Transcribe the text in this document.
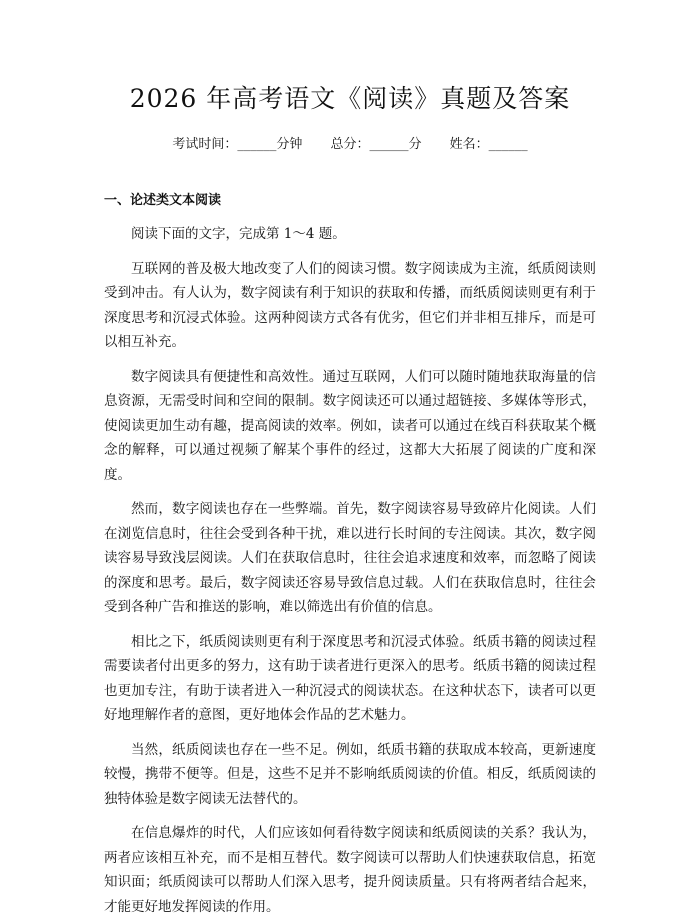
2026 年高考语文《阅读》真题及答案
考试时间：______分钟 总分：______分 姓名：______
一、论述类文本阅读

阅读下面的文字，完成第 1～4 题。

互联网的普及极大地改变了人们的阅读习惯。数字阅读成为主流，纸质阅读则受到冲击。有人认为，数字阅读有利于知识的获取和传播，而纸质阅读则更有利于深度思考和沉浸式体验。这两种阅读方式各有优劣，但它们并非相互排斥，而是可以相互补充。

数字阅读具有便捷性和高效性。通过互联网，人们可以随时随地获取海量的信息资源，无需受时间和空间的限制。数字阅读还可以通过超链接、多媒体等形式，使阅读更加生动有趣，提高阅读的效率。例如，读者可以通过在线百科获取某个概念的解释，可以通过视频了解某个事件的经过，这都大大拓展了阅读的广度和深度。

然而，数字阅读也存在一些弊端。首先，数字阅读容易导致碎片化阅读。人们在浏览信息时，往往会受到各种干扰，难以进行长时间的专注阅读。其次，数字阅读容易导致浅层阅读。人们在获取信息时，往往会追求速度和效率，而忽略了阅读的深度和思考。最后，数字阅读还容易导致信息过载。人们在获取信息时，往往会受到各种广告和推送的影响，难以筛选出有价值的信息。

相比之下，纸质阅读则更有利于深度思考和沉浸式体验。纸质书籍的阅读过程需要读者付出更多的努力，这有助于读者进行更深入的思考。纸质书籍的阅读过程也更加专注，有助于读者进入一种沉浸式的阅读状态。在这种状态下，读者可以更好地理解作者的意图，更好地体会作品的艺术魅力。

当然，纸质阅读也存在一些不足。例如，纸质书籍的获取成本较高，更新速度较慢，携带不便等。但是，这些不足并不影响纸质阅读的价值。相反，纸质阅读的独特体验是数字阅读无法替代的。

在信息爆炸的时代，人们应该如何看待数字阅读和纸质阅读的关系？我认为，两者应该相互补充，而不是相互替代。数字阅读可以帮助人们快速获取信息，拓宽知识面；纸质阅读可以帮助人们深入思考，提升阅读质量。只有将两者结合起来，才能更好地发挥阅读的作用。
